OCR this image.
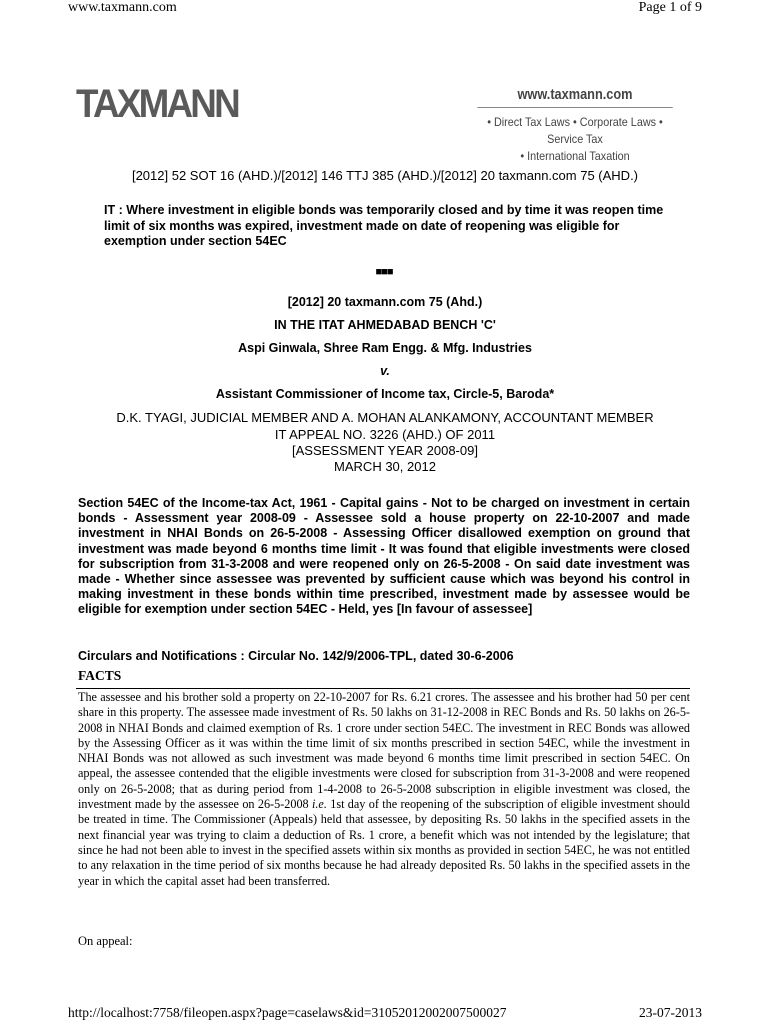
www.taxmann.com	Page 1 of 9
TAXMANN	www.taxmann.com
• Direct Tax Laws • Corporate Laws • Service Tax
• International Taxation
[2012] 52 SOT 16 (AHD.)/[2012] 146 TTJ 385 (AHD.)/[2012] 20 taxmann.com 75 (AHD.)
IT : Where investment in eligible bonds was temporarily closed and by time it was reopen time limit of six months was expired, investment made on date of reopening was eligible for exemption under section 54EC
■■■
[2012] 20 taxmann.com 75 (Ahd.)
IN THE ITAT AHMEDABAD BENCH 'C'
Aspi Ginwala, Shree Ram Engg. & Mfg. Industries
v.
Assistant Commissioner of Income tax, Circle-5, Baroda*
D.K. TYAGI, JUDICIAL MEMBER AND A. MOHAN ALANKAMONY, ACCOUNTANT MEMBER
IT APPEAL NO. 3226 (AHD.) OF 2011
[ASSESSMENT YEAR 2008-09]
MARCH 30, 2012
Section 54EC of the Income-tax Act, 1961 - Capital gains - Not to be charged on investment in certain bonds - Assessment year 2008-09 - Assessee sold a house property on 22-10-2007 and made investment in NHAI Bonds on 26-5-2008 - Assessing Officer disallowed exemption on ground that investment was made beyond 6 months time limit - It was found that eligible investments were closed for subscription from 31-3-2008 and were reopened only on 26-5-2008 - On said date investment was made - Whether since assessee was prevented by sufficient cause which was beyond his control in making investment in these bonds within time prescribed, investment made by assessee would be eligible for exemption under section 54EC - Held, yes [In favour of assessee]
Circulars and Notifications : Circular No. 142/9/2006-TPL, dated 30-6-2006
FACTS
The assessee and his brother sold a property on 22-10-2007 for Rs. 6.21 crores. The assessee and his brother had 50 per cent share in this property. The assessee made investment of Rs. 50 lakhs on 31-12-2008 in REC Bonds and Rs. 50 lakhs on 26-5-2008 in NHAI Bonds and claimed exemption of Rs. 1 crore under section 54EC. The investment in REC Bonds was allowed by the Assessing Officer as it was within the time limit of six months prescribed in section 54EC, while the investment in NHAI Bonds was not allowed as such investment was made beyond 6 months time limit prescribed in section 54EC. On appeal, the assessee contended that the eligible investments were closed for subscription from 31-3-2008 and were reopened only on 26-5-2008; that as during period from 1-4-2008 to 26-5-2008 subscription in eligible investment was closed, the investment made by the assessee on 26-5-2008 i.e. 1st day of the reopening of the subscription of eligible investment should be treated in time. The Commissioner (Appeals) held that assessee, by depositing Rs. 50 lakhs in the specified assets in the next financial year was trying to claim a deduction of Rs. 1 crore, a benefit which was not intended by the legislature; that since he had not been able to invest in the specified assets within six months as provided in section 54EC, he was not entitled to any relaxation in the time period of six months because he had already deposited Rs. 50 lakhs in the specified assets in the year in which the capital asset had been transferred.
On appeal:
http://localhost:7758/fileopen.aspx?page=caselaws&id=31052012002007500027	23-07-2013
